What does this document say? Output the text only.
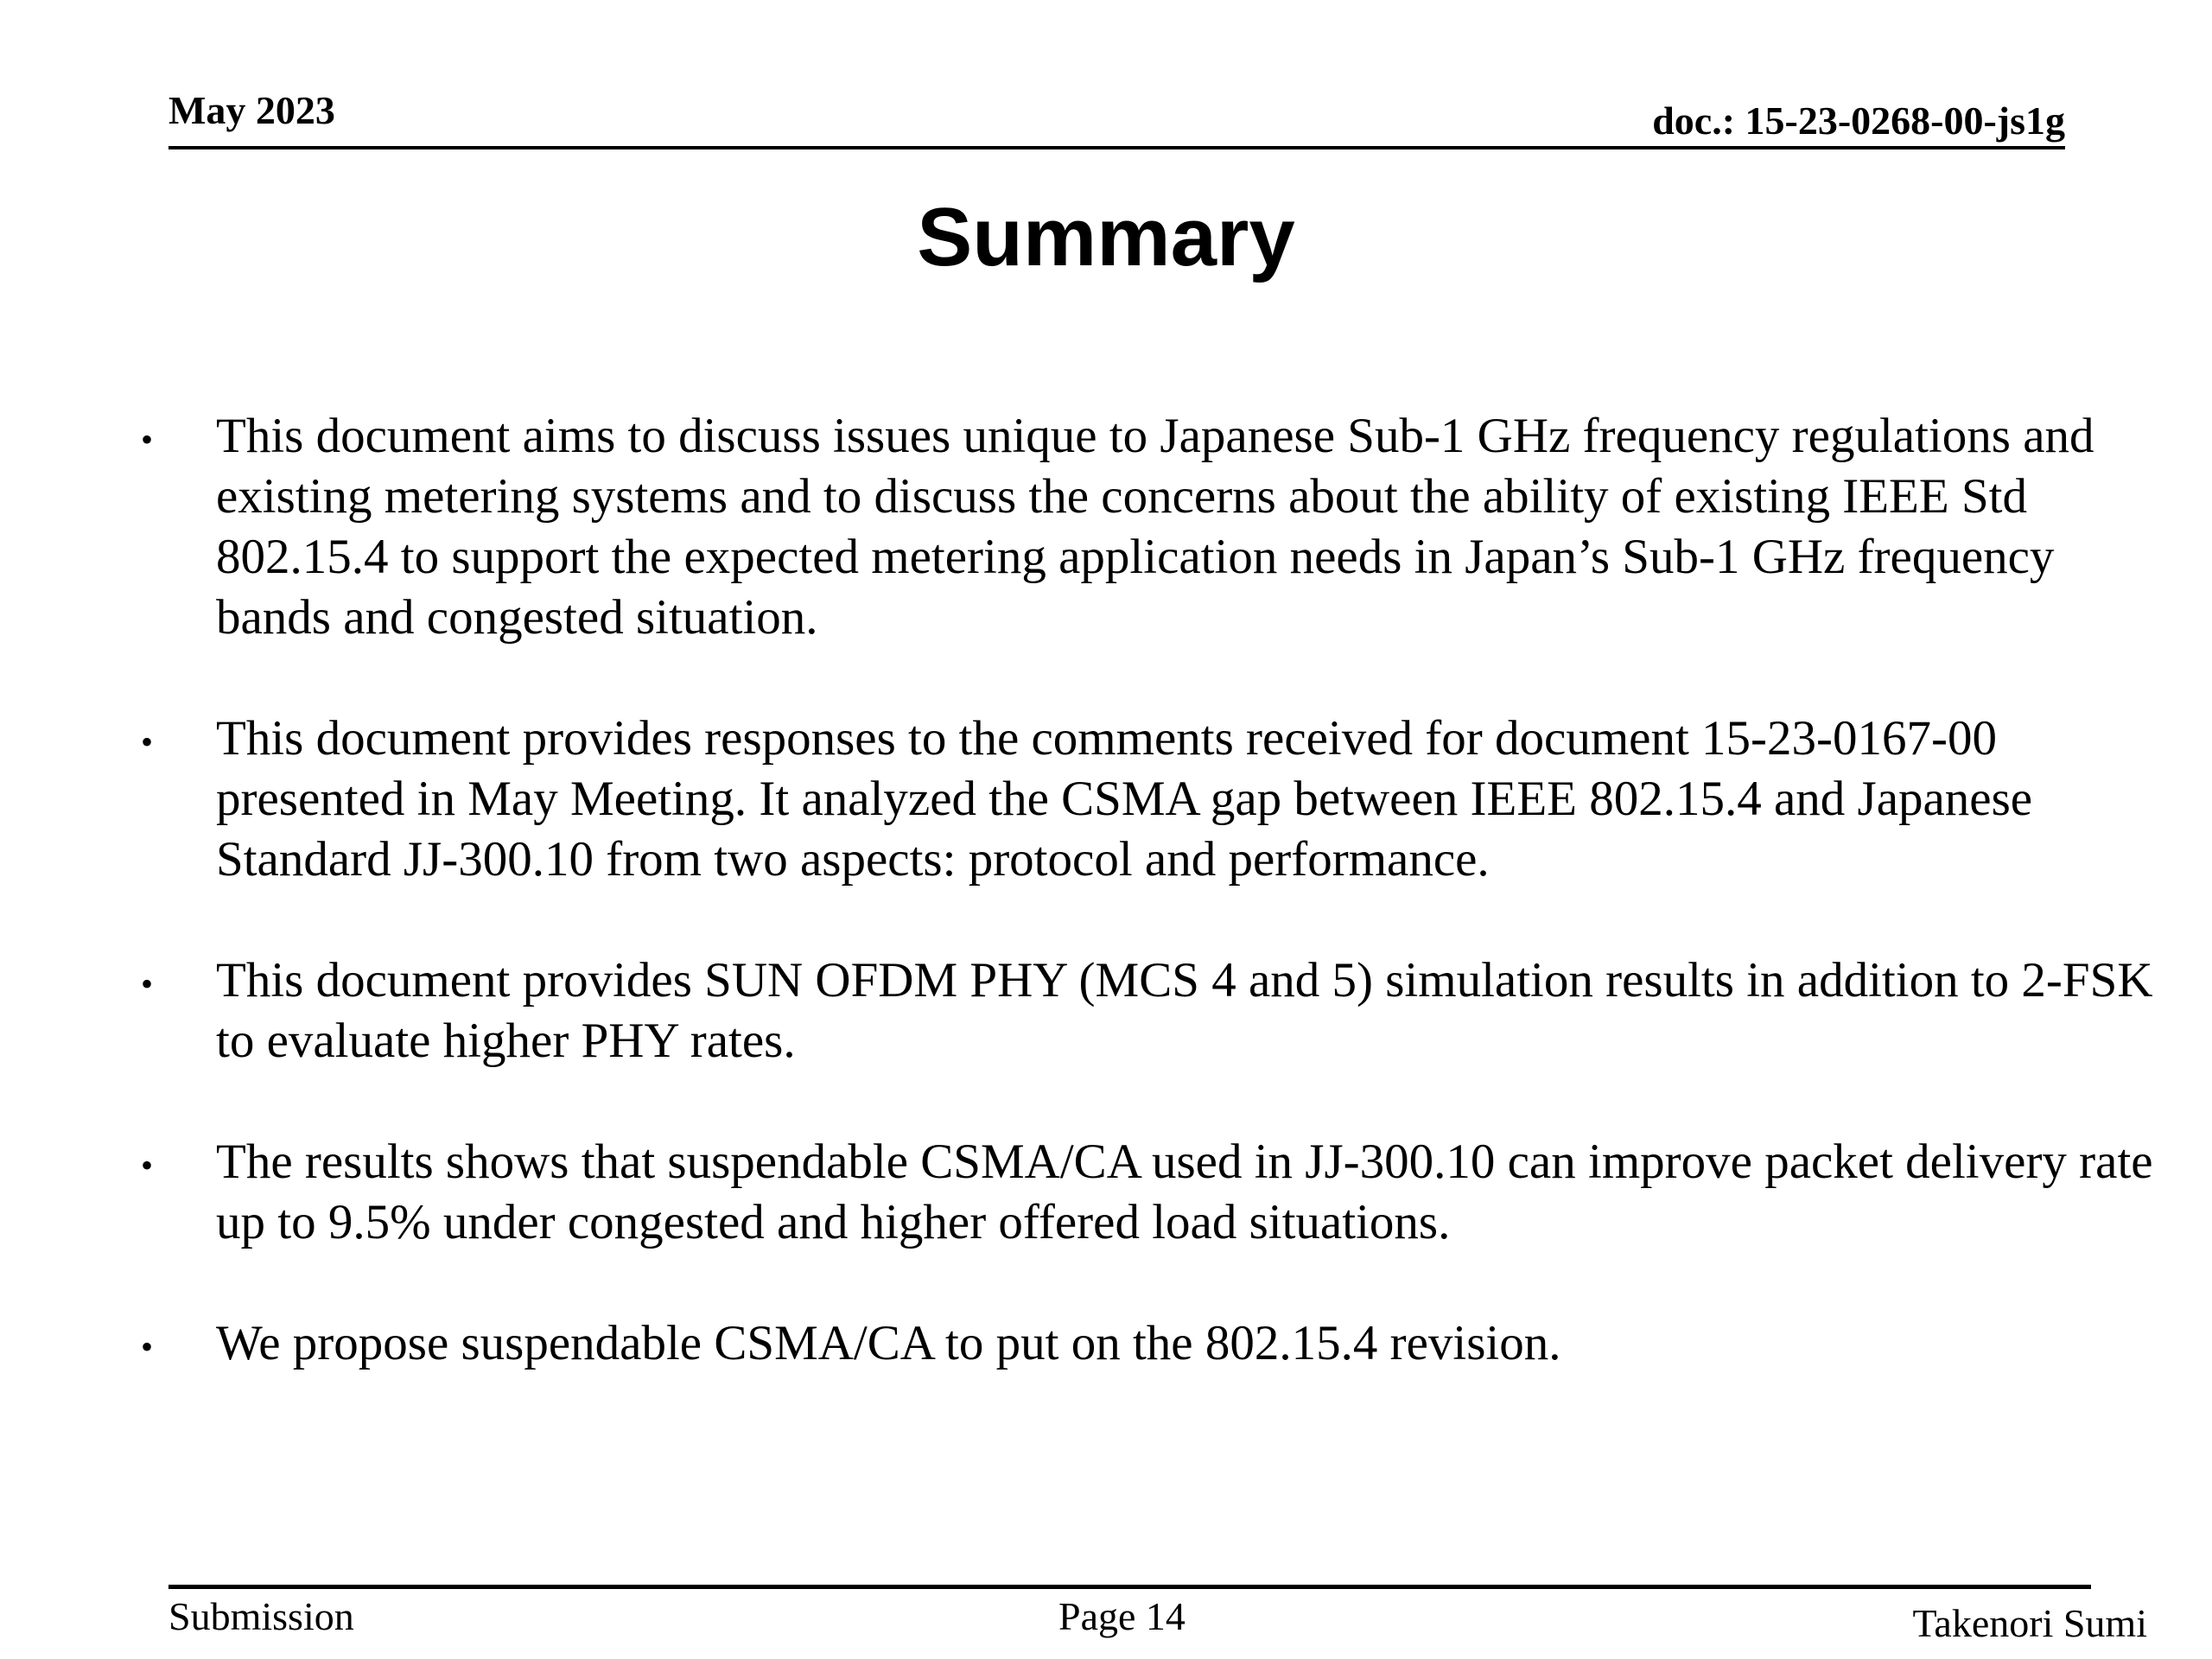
May 2023	doc.: 15-23-0268-00-js1g
Summary
• This document aims to discuss issues unique to Japanese Sub-1 GHz frequency regulations and existing metering systems and to discuss the concerns about the ability of existing IEEE Std 802.15.4 to support the expected metering application needs in Japan’s Sub-1 GHz frequency bands and congested situation.
• This document provides responses to the comments received for document 15-23-0167-00 presented in May Meeting. It analyzed the CSMA gap between IEEE 802.15.4 and Japanese Standard JJ-300.10 from two aspects: protocol and performance.
• This document provides SUN OFDM PHY (MCS 4 and 5) simulation results in addition to 2-FSK to evaluate higher PHY rates.
• The results shows that suspendable CSMA/CA used in JJ-300.10 can improve packet delivery rate up to 9.5% under congested and higher offered load situations.
• We propose suspendable CSMA/CA to put on the 802.15.4 revision.
Submission	Page 14	Takenori Sumi
